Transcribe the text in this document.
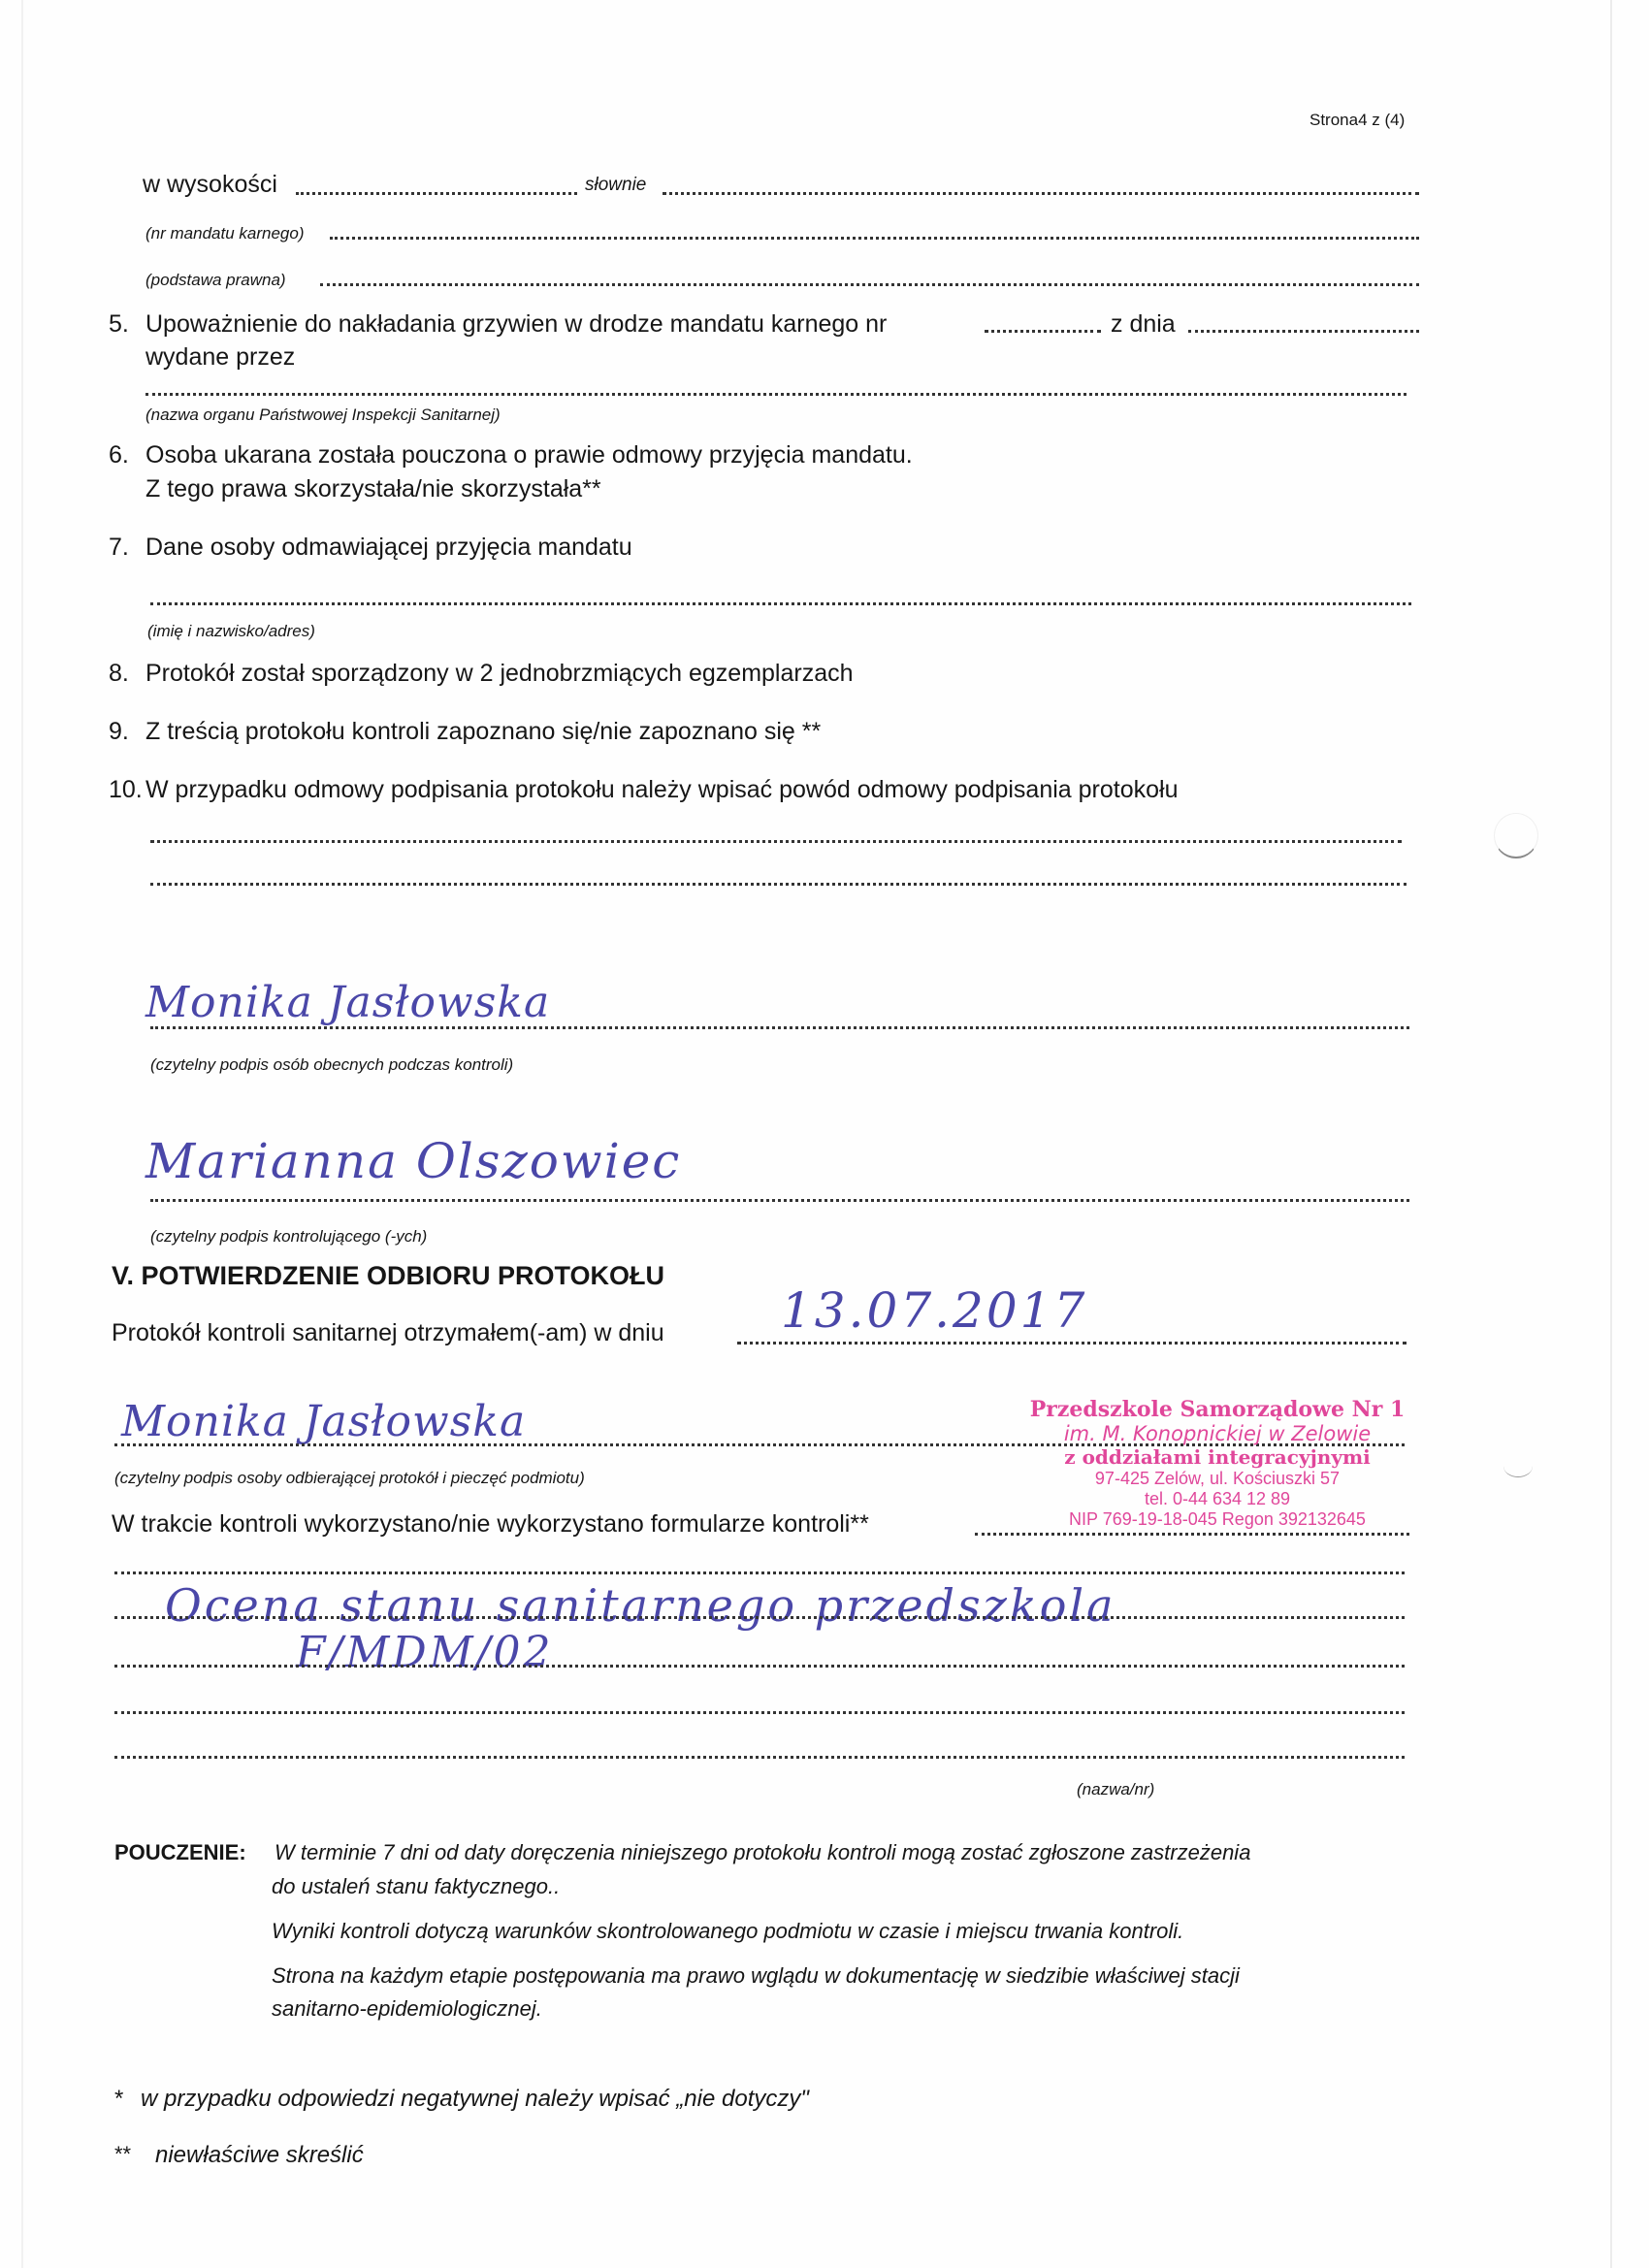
Strona4 z (4)
w wysokości	słownie
(nr mandatu karnego)
(podstawa prawna)
5. Upoważnienie do nakładania grzywien w drodze mandatu karnego nr	z dnia
wydane przez
(nazwa organu Państwowej Inspekcji Sanitarnej)
6. Osoba ukarana została pouczona o prawie odmowy przyjęcia mandatu.
Z tego prawa skorzystała/nie skorzystała**
7. Dane osoby odmawiającej przyjęcia mandatu
(imię i nazwisko/adres)
8. Protokół został sporządzony w 2 jednobrzmiących egzemplarzach
9. Z treścią protokołu kontroli zapoznano się/nie zapoznano się **
10. W przypadku odmowy podpisania protokołu należy wpisać powód odmowy podpisania protokołu
Monika Jasłowska
(czytelny podpis osób obecnych podczas kontroli)
Marianna Olszowiec
(czytelny podpis kontrolującego (-ych)
V. POTWIERDZENIE ODBIORU PROTOKOŁU
Protokół kontroli sanitarnej otrzymałem(-am) w dniu 13.07.2017
Monika Jasłowska
(czytelny podpis osoby odbierającej protokół i pieczęć podmiotu)
W trakcie kontroli wykorzystano/nie wykorzystano formularze kontroli**
Przedszkole Samorządowe Nr 1
im. M. Konopnickiej w Zelowie
z oddziałami integracyjnymi
97-425 Zelów, ul. Kościuszki 57
tel. 0-44 634 12 89
NIP 769-19-18-045 Regon 392132645
Ocena stanu sanitarnego przedszkola
F/MDM/02
(nazwa/nr)
POUCZENIE: W terminie 7 dni od daty doręczenia niniejszego protokołu kontroli mogą zostać zgłoszone zastrzeżenia
do ustaleń stanu faktycznego..
Wyniki kontroli dotyczą warunków skontrolowanego podmiotu w czasie i miejscu trwania kontroli.
Strona na każdym etapie postępowania ma prawo wglądu w dokumentację w siedzibie właściwej stacji
sanitarno-epidemiologicznej.
* w przypadku odpowiedzi negatywnej należy wpisać „nie dotyczy"
** niewłaściwe skreślić
